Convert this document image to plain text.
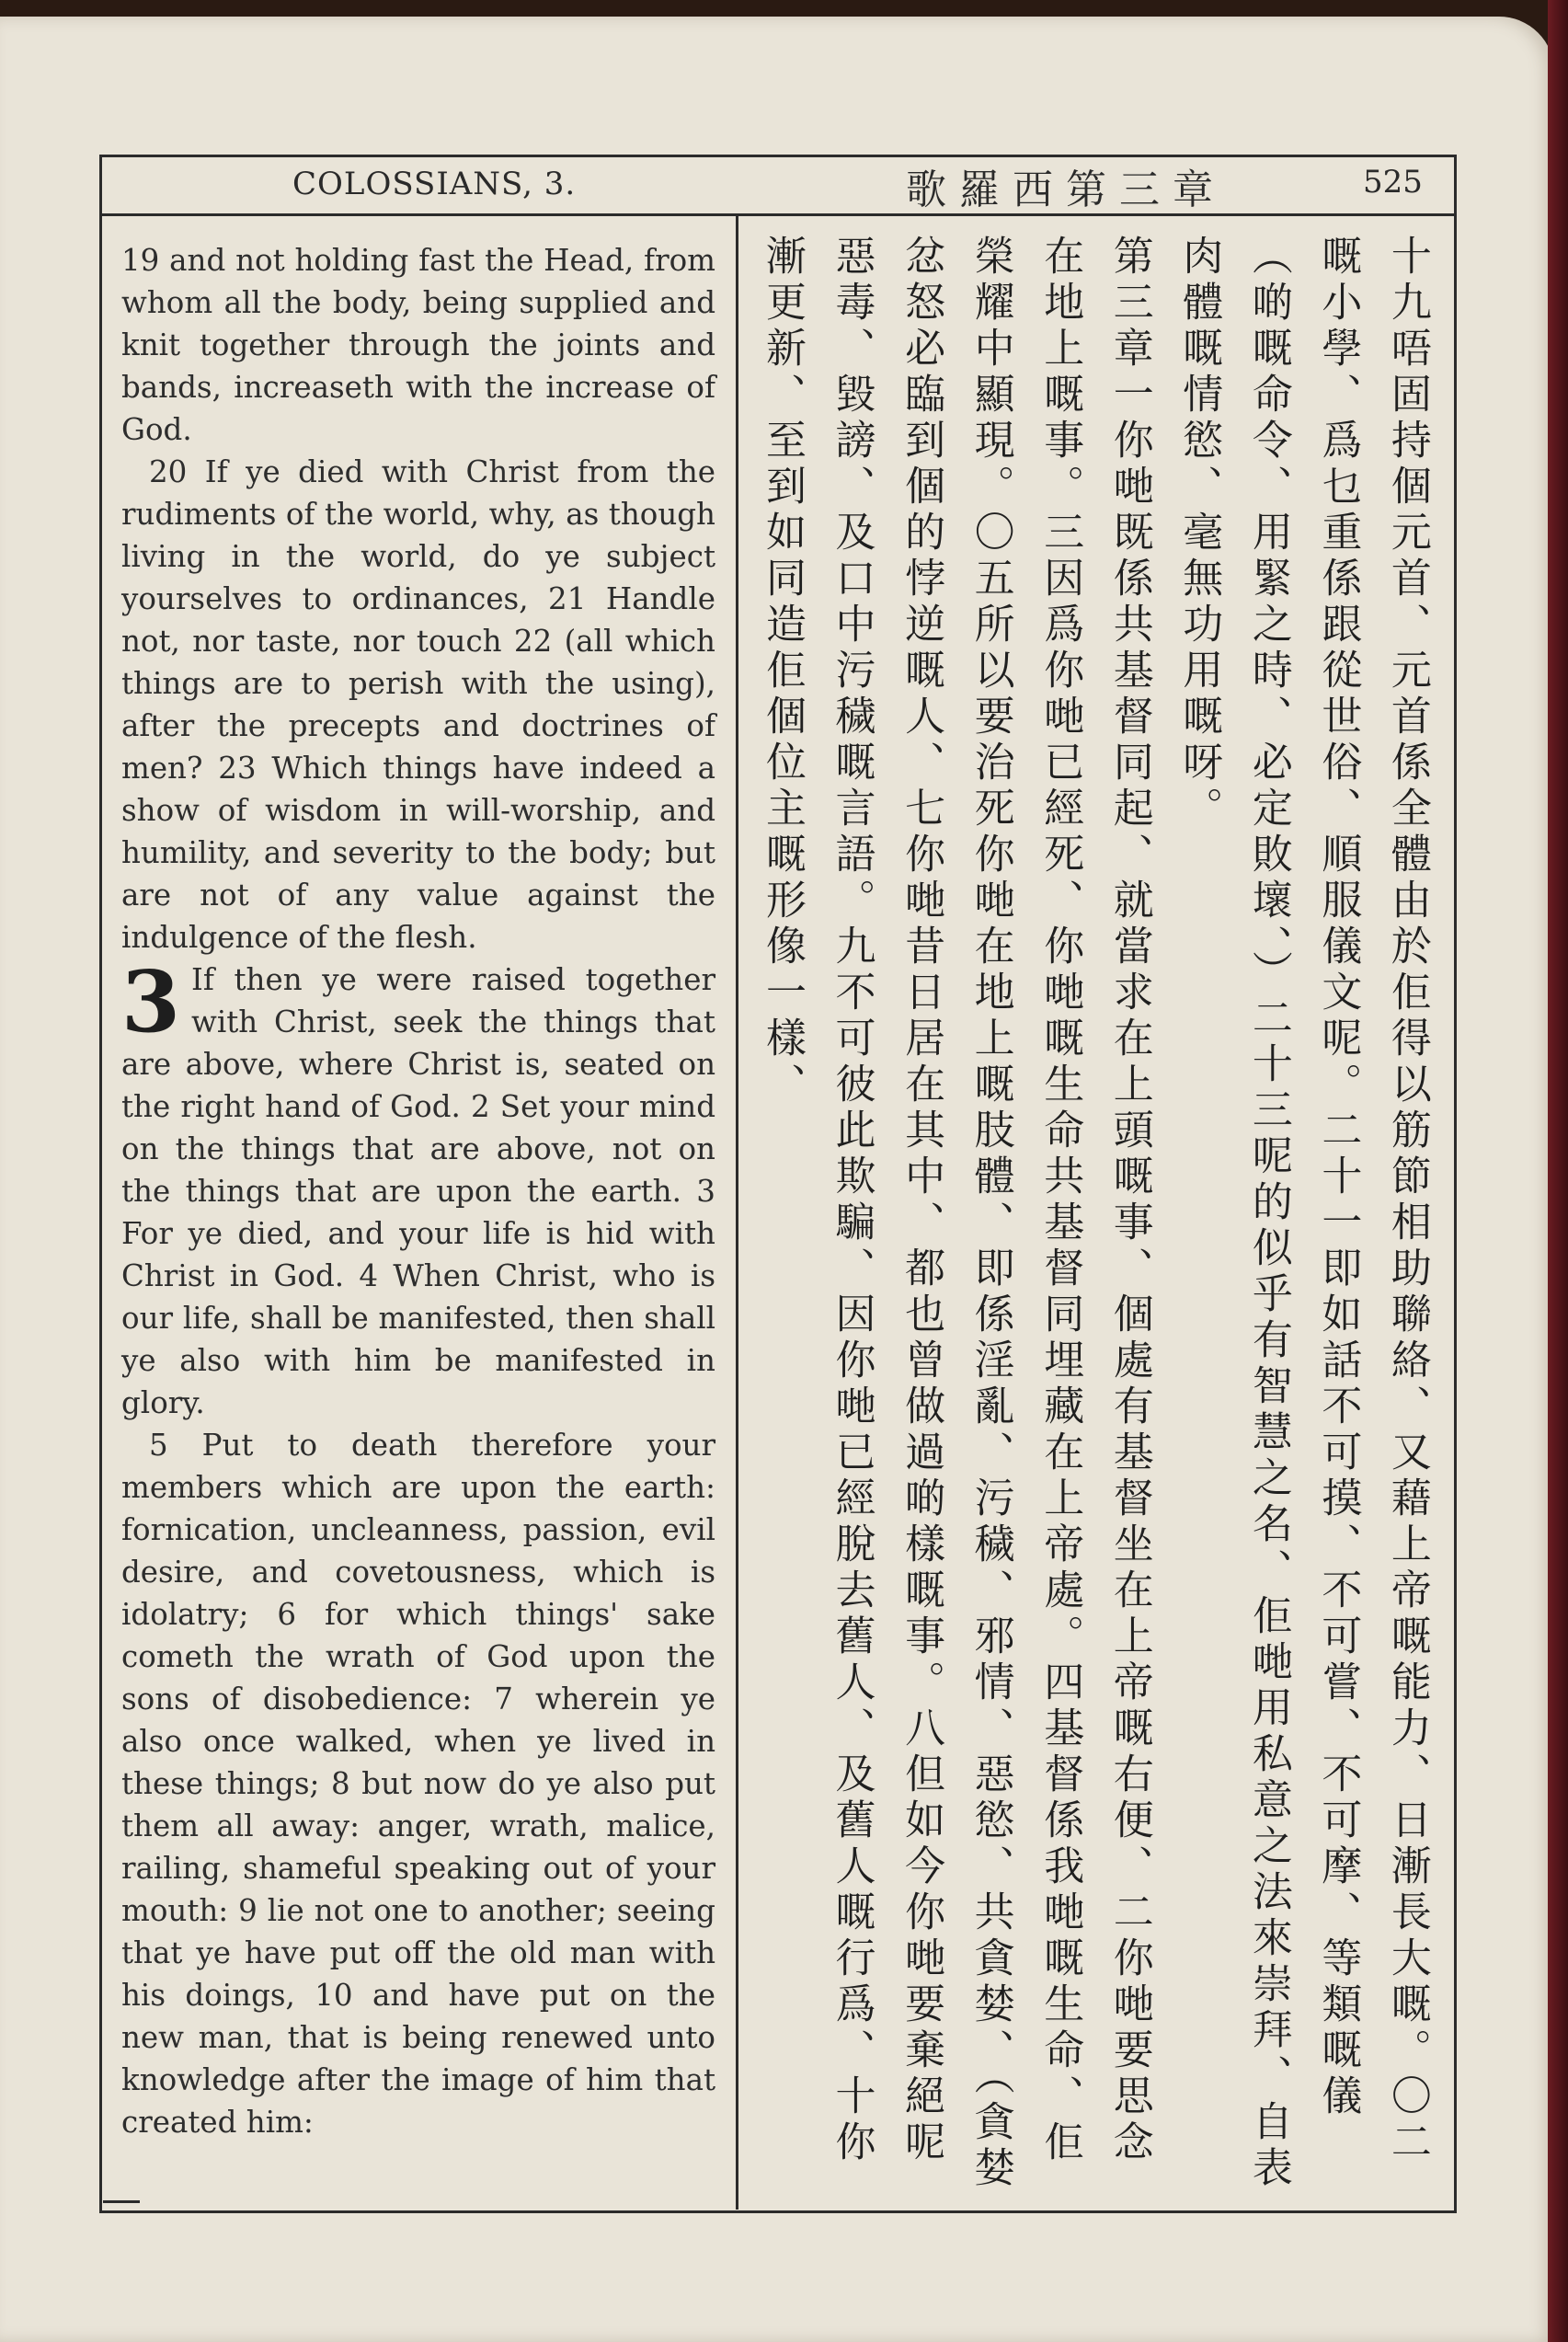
COLOSSIANS, 3.	歌羅西第三章	525

19 and not holding fast the Head, from whom all the body, being supplied and knit together through the joints and bands, increaseth with the increase of God.

20 If ye died with Christ from the rudiments of the world, why, as though living in the world, do ye subject yourselves to ordinances, 21 Handle not, nor taste, nor touch 22 (all which things are to perish with the using), after the precepts and doctrines of men? 23 Which things have indeed a show of wisdom in will-worship, and humility, and severity to the body; but are not of any value against the indulgence of the flesh.

3 If then ye were raised together with Christ, seek the things that are above, where Christ is, seated on the right hand of God. 2 Set your mind on the things that are above, not on the things that are upon the earth. 3 For ye died, and your life is hid with Christ in God. 4 When Christ, who is our life, shall be manifested, then shall ye also with him be manifested in glory.

5 Put to death therefore your members which are upon the earth: fornication, uncleanness, passion, evil desire, and covetousness, which is idolatry; 6 for which things' sake cometh the wrath of God upon the sons of disobedience: 7 wherein ye also once walked, when ye lived in these things; 8 but now do ye also put them all away: anger, wrath, malice, railing, shameful speaking out of your mouth: 9 lie not one to another; seeing that ye have put off the old man with his doings, 10 and have put on the new man, that is being renewed unto knowledge after the image of him that created him:

十九唔固持個元首、元首係全體由於佢得以筋節相助聯絡、又藉上帝嘅能力、日漸長大嘅。〇二
嘅小學、爲乜重係跟從世俗、順服儀文呢。二十一即如話不可摸、不可嘗、不可摩、等類嘅儀
（啲嘅命令、用緊之時、必定敗壞、）二十三呢的似乎有智慧之名、佢哋用私意之法來崇拜、自表
肉體嘅情慾、毫無功用嘅呀。
第三章一你哋既係共基督同起、就當求在上頭嘅事、個處有基督坐在上帝嘅右便、二你哋要思念
在地上嘅事。三因爲你哋已經死、你哋嘅生命共基督同埋藏在上帝處。四基督係我哋嘅生命、佢
榮耀中顯現。〇五所以要治死你哋在地上嘅肢體、即係淫亂、污穢、邪情、惡慾、共貪婪、（貪婪
忿怒必臨到個的悖逆嘅人、七你哋昔日居在其中、都也曾做過啲樣嘅事。八但如今你哋要棄絕呢
惡毒、毀謗、及口中污穢嘅言語。九不可彼此欺騙、因你哋已經脫去舊人、及舊人嘅行爲、十你
漸更新、至到如同造佢個位主嘅形像一樣、
